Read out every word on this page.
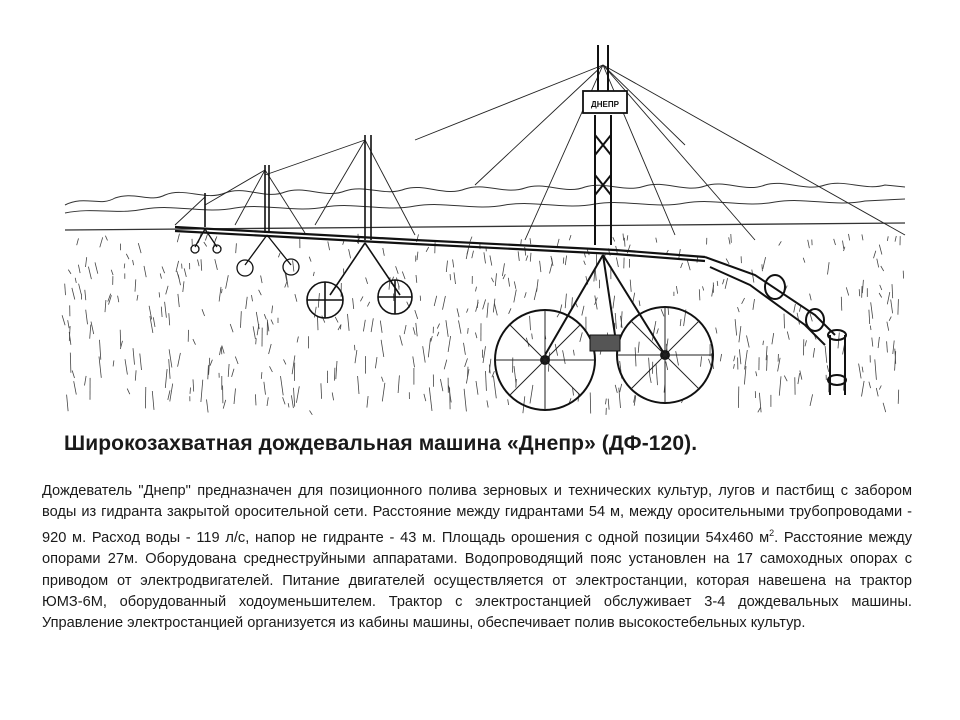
ДНЕПР
Широкозахватная дождевальная машина «Днепр» (ДФ-120).
Дождеватель "Днепр" предназначен для позиционного полива зерновых и технических культур, лугов и пастбищ с забором воды из гидранта закрытой оросительной сети. Расстояние между гидрантами 54 м, между оросительными трубопроводами - 920 м. Расход воды - 119 л/с, напор не гидранте - 43 м. Площадь орошения с одной позиции 54х460 $м^2$. Расстояние между опорами 27м. Оборудована среднеструйными аппаратами. Водопроводящий пояс установлен на 17 самоходных опорах с приводом от электродвигателей. Питание двигателей осуществляется от электростанции, которая навешена на трактор ЮМЗ-6М, оборудованный ходоуменьшителем. Трактор с электростанцией обслуживает 3-4 дождевальных машины. Управление электростанцией организуется из кабины машины, обеспечивает полив высокостебельных культур.
